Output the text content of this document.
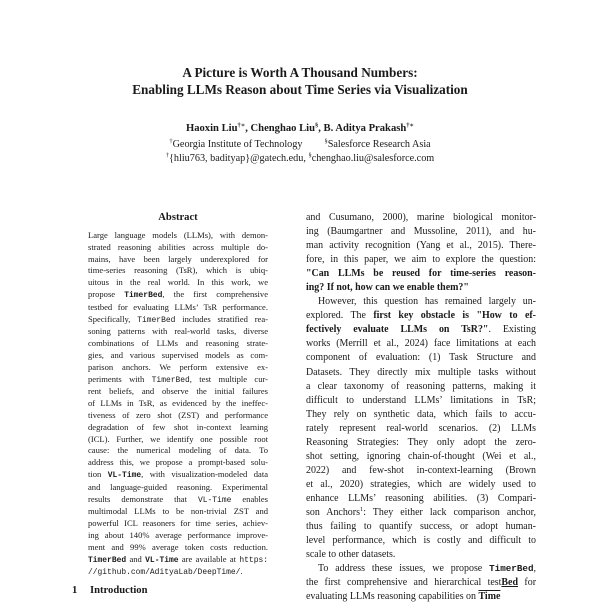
A Picture is Worth A Thousand Numbers:
Enabling LLMs Reason about Time Series via Visualization
Haoxin Liu†∗, Chenghao Liu§, B. Aditya Prakash†∗
†Georgia Institute of Technology	§Salesforce Research Asia
†{hliu763, badityap}@gatech.edu, §chenghao.liu@salesforce.com
Abstract
Large language models (LLMs), with demon-
strated reasoning abilities across multiple do-
mains, have been largely underexplored for
time-series reasoning (TsR), which is ubiq-
uitous in the real world. In this work, we
propose TimerBed, the first comprehensive
testbed for evaluating LLMs’ TsR performance.
Specifically, TimerBed includes stratified rea-
soning patterns with real-world tasks, diverse
combinations of LLMs and reasoning strate-
gies, and various supervised models as com-
parison anchors. We perform extensive ex-
periments with TimerBed, test multiple cur-
rent beliefs, and observe the initial failures
of LLMs in TsR, as evidenced by the ineffec-
tiveness of zero shot (ZST) and performance
degradation of few shot in-context learning
(ICL). Further, we identify one possible root
cause: the numerical modeling of data. To
address this, we propose a prompt-based solu-
tion VL-Time, with visualization-modeled data
and language-guided reasoning. Experimental
results demonstrate that VL-Time enables
multimodal LLMs to be non-trivial ZST and
powerful ICL reasoners for time series, achiev-
ing about 140% average performance improve-
ment and 99% average token costs reduction.
TimerBed and VL-Time are available at https:
//github.com/AdityaLab/DeepTime/.
and Cusumano, 2000), marine biological monitor-
ing (Baumgartner and Mussoline, 2011), and hu-
man activity recognition (Yang et al., 2015). There-
fore, in this paper, we aim to explore the question:
"Can LLMs be reused for time-series reason-
ing? If not, how can we enable them?"
However, this question has remained largely un-
explored. The first key obstacle is "How to ef-
fectively evaluate LLMs on TsR?". Existing
works (Merrill et al., 2024) face limitations at each
component of evaluation: (1) Task Structure and
Datasets. They directly mix multiple tasks without
a clear taxonomy of reasoning patterns, making it
difficult to understand LLMs’ limitations in TsR;
They rely on synthetic data, which fails to accu-
rately represent real-world scenarios. (2) LLMs
Reasoning Strategies: They only adopt the zero-
shot setting, ignoring chain-of-thought (Wei et al.,
2022) and few-shot in-context-learning (Brown
et al., 2020) strategies, which are widely used to
enhance LLMs’ reasoning abilities. (3) Compari-
son Anchors$^1$: They either lack comparison anchor,
thus failing to quantify success, or adopt human-
level performance, which is costly and difficult to
scale to other datasets.
To address these issues, we propose TimerBed,
the first comprehensive and hierarchical testBed for
evaluating LLMs reasoning capabilities on Time
1 Introduction
